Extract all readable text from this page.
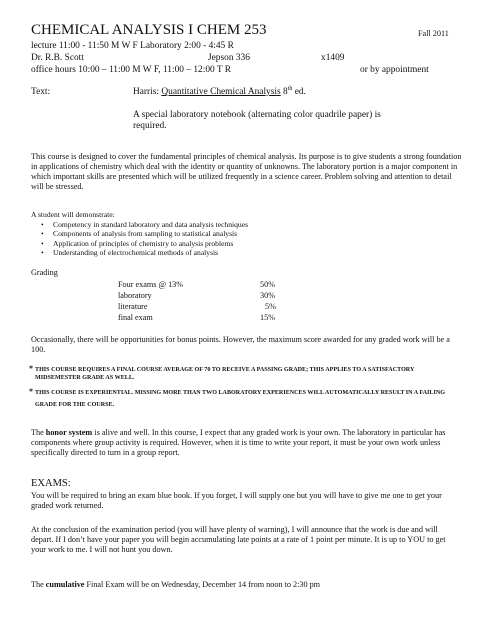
CHEMICAL ANALYSIS I CHEM 253	Fall 2011
lecture 11:00 - 11:50 M W F Laboratory 2:00 - 4:45 R
Dr. R.B. Scott	Jepson 336	x1409
office hours 10:00 – 11:00 M W F, 11:00 – 12:00 T R	or by appointment
Text:	Harris: Quantitative Chemical Analysis 8th ed.
A special laboratory notebook (alternating color quadrile paper) is required.
This course is designed to cover the fundamental principles of chemical analysis. Its purpose is to give students a strong foundation in applications of chemistry which deal with the identity or quantity of unknowns. The laboratory portion is a major component in which important skills are presented which will be utilized frequently in a science career. Problem solving and attention to detail will be stressed.
A student will demonstrate:
• Competency in standard laboratory and data analysis techniques
• Components of analysis from sampling to statistical analysis
• Application of principles of chemistry to analysis problems
• Understanding of electrochemical methods of analysis
Grading
Four exams @ 13%	50%
laboratory	30%
literature	5%
final exam	15%
Occasionally, there will be opportunities for bonus points. However, the maximum score awarded for any graded work will be a 100.
* THIS COURSE REQUIRES A FINAL COURSE AVERAGE OF 70 TO RECEIVE A PASSING GRADE; THIS APPLIES TO A SATISFACTORY MIDSEMESTER GRADE AS WELL.
* THIS COURSE IS EXPERIENTIAL. MISSING MORE THAN TWO LABORATORY EXPERIENCES WILL AUTOMATICALLY RESULT IN A FAILING GRADE FOR THE COURSE.
The honor system is alive and well. In this course, I expect that any graded work is your own. The laboratory in particular has components where group activity is required. However, when it is time to write your report, it must be your own work unless specifically directed to turn in a group report.
EXAMS:
You will be required to bring an exam blue book. If you forget, I will supply one but you will have to give me one to get your graded work returned.
At the conclusion of the examination period (you will have plenty of warning), I will announce that the work is due and will depart. If I don’t have your paper you will begin accumulating late points at a rate of 1 point per minute. It is up to YOU to get your work to me. I will not hunt you down.
The cumulative Final Exam will be on Wednesday, December 14 from noon to 2:30 pm
